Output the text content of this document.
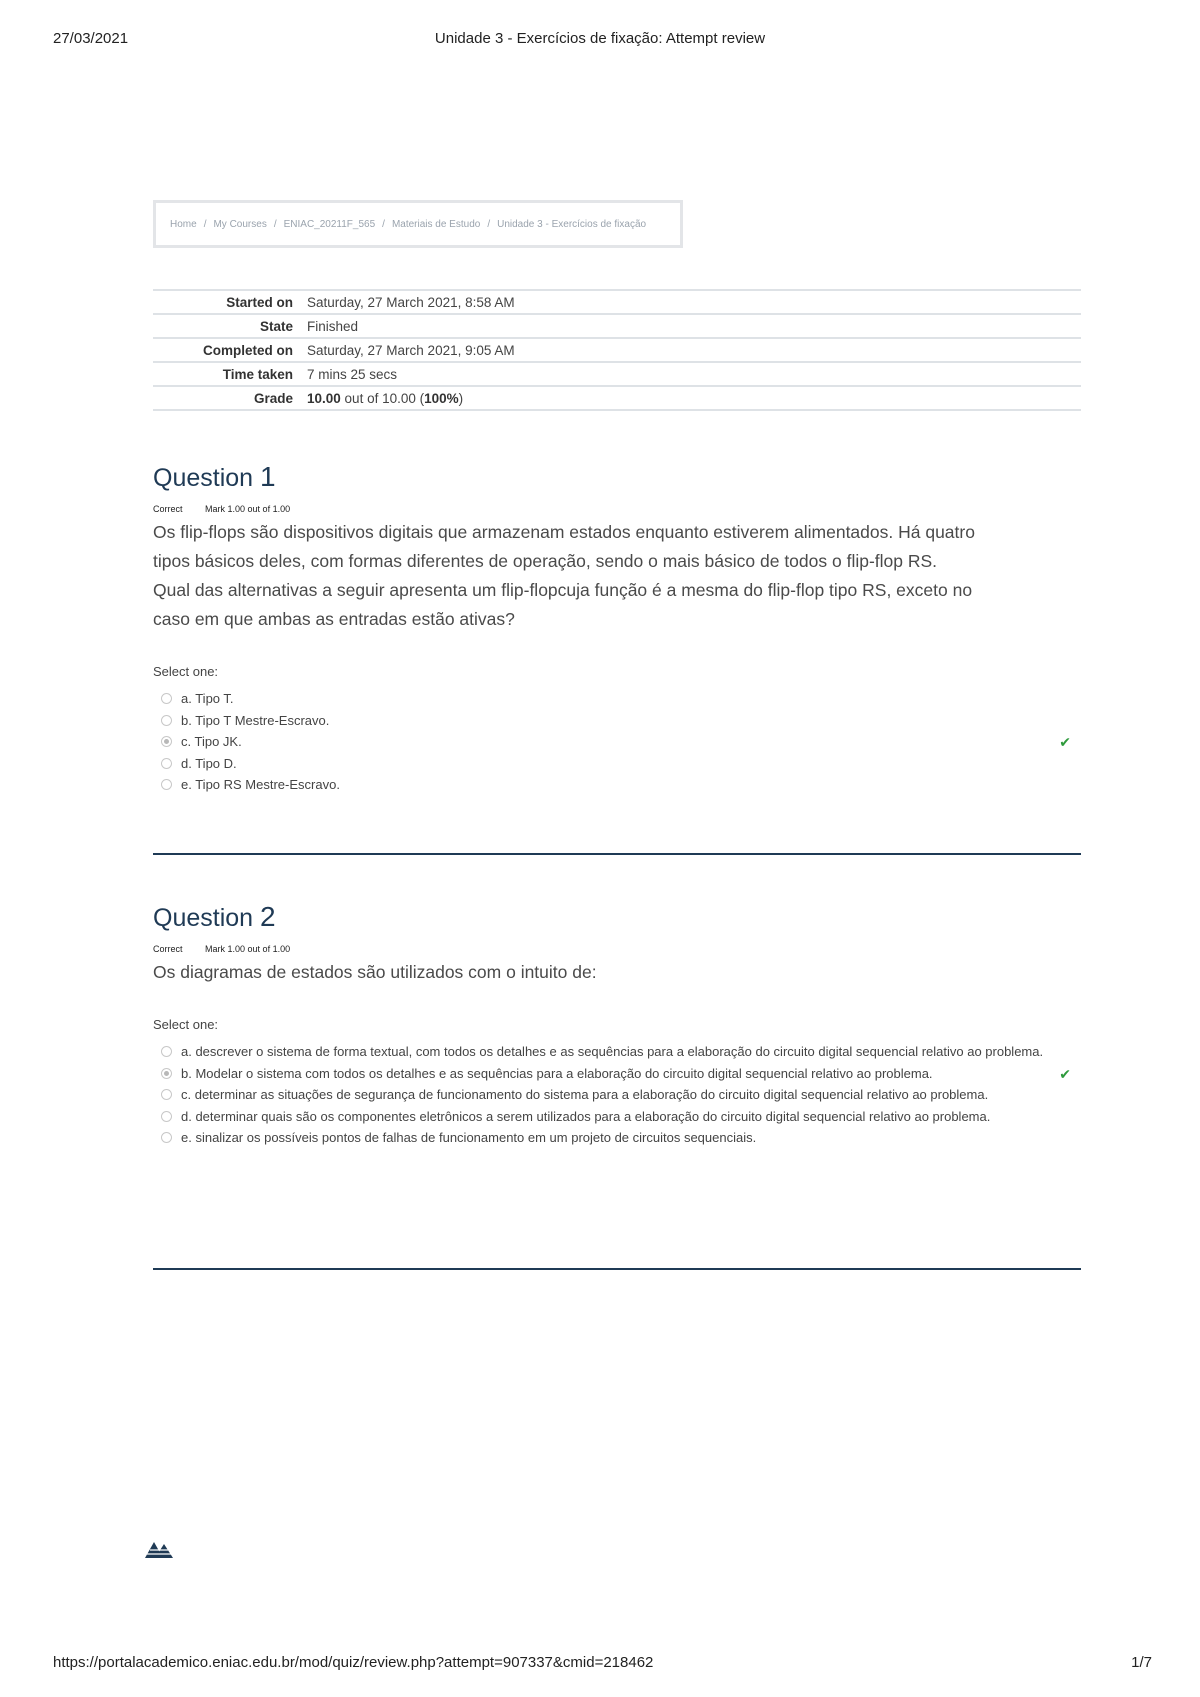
27/03/2021	Unidade 3 - Exercícios de fixação: Attempt review
Home / My Courses / ENIAC_20211F_565 / Materiais de Estudo / Unidade 3 - Exercícios de fixação
Started on	Saturday, 27 March 2021, 8:58 AM
State	Finished
Completed on	Saturday, 27 March 2021, 9:05 AM
Time taken	7 mins 25 secs
Grade	10.00 out of 10.00 (100%)
Question 1
Correct	Mark 1.00 out of 1.00
Os flip-flops são dispositivos digitais que armazenam estados enquanto estiverem alimentados. Há quatro
tipos básicos deles, com formas diferentes de operação, sendo o mais básico de todos o flip-flop RS.
Qual das alternativas a seguir apresenta um flip-flopcuja função é a mesma do flip-flop tipo RS, exceto no
caso em que ambas as entradas estão ativas?
Select one:
a. Tipo T.
b. Tipo T Mestre-Escravo.
c. Tipo JK.	✔
d. Tipo D.
e. Tipo RS Mestre-Escravo.
Question 2
Correct	Mark 1.00 out of 1.00
Os diagramas de estados são utilizados com o intuito de:
Select one:
a. descrever o sistema de forma textual, com todos os detalhes e as sequências para a elaboração do circuito digital sequencial relativo ao problema.
b. Modelar o sistema com todos os detalhes e as sequências para a elaboração do circuito digital sequencial relativo ao problema.	✔
c. determinar as situações de segurança de funcionamento do sistema para a elaboração do circuito digital sequencial relativo ao problema.
d. determinar quais são os componentes eletrônicos a serem utilizados para a elaboração do circuito digital sequencial relativo ao problema.
e. sinalizar os possíveis pontos de falhas de funcionamento em um projeto de circuitos sequenciais.
https://portalacademico.eniac.edu.br/mod/quiz/review.php?attempt=907337&cmid=218462	1/7
